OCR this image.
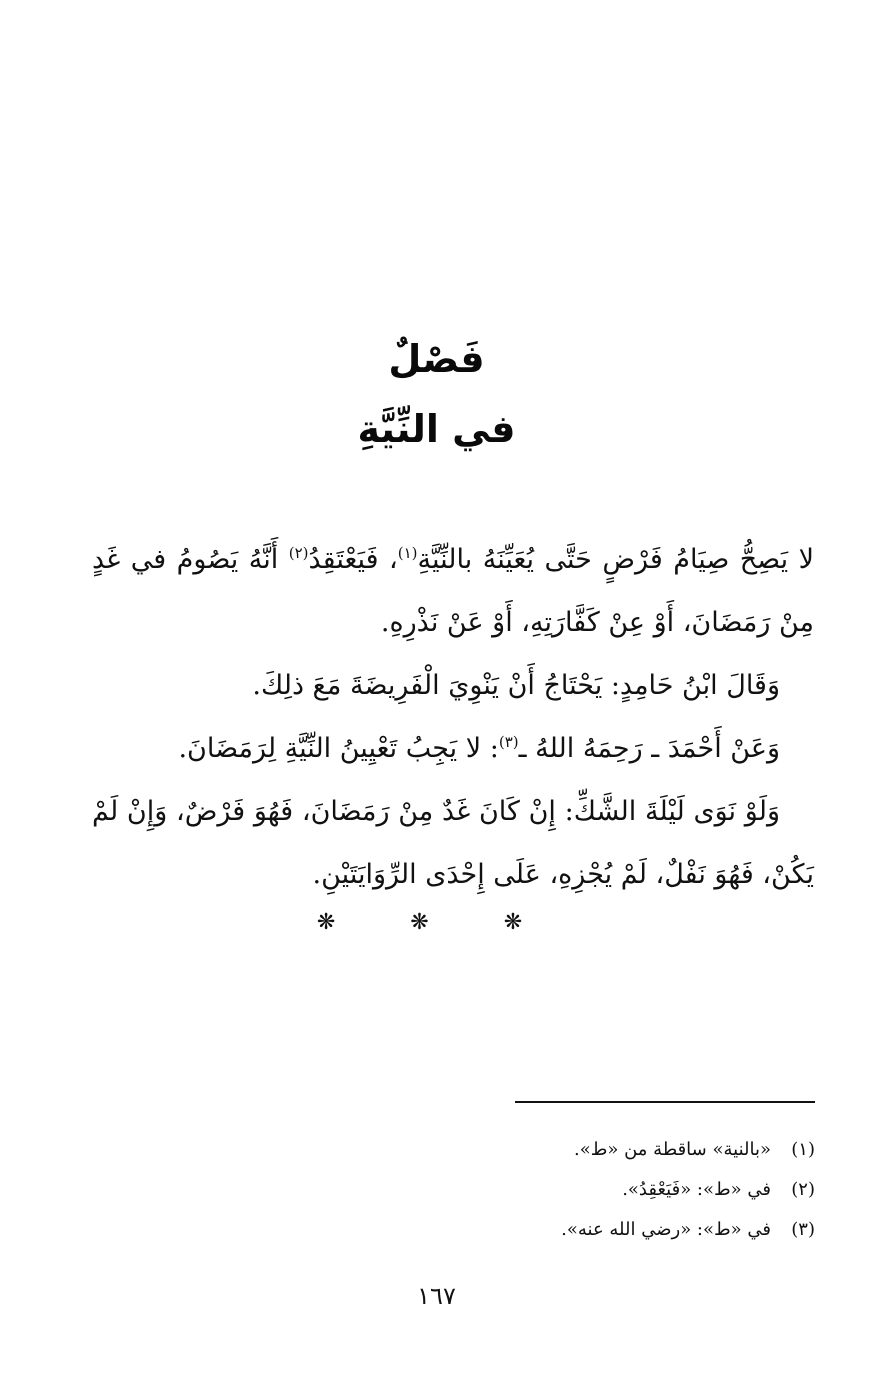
فَصْلٌ
في النِّيَّةِ

لا يَصِحُّ صِيَامُ فَرْضٍ حَتَّى يُعَيِّنَهُ بالنِّيَّةِ$^{(١)}$، فَيَعْتَقِدُ$^{(٢)}$ أَنَّهُ يَصُومُ في غَدٍ مِنْ رَمَضَانَ، أَوْ عِنْ كَفَّارَتِهِ، أَوْ عَنْ نَذْرِهِ.

وَقَالَ ابْنُ حَامِدٍ: يَحْتَاجُ أَنْ يَنْوِيَ الْفَرِيضَةَ مَعَ ذلِكَ.

وَعَنْ أَحْمَدَ ـ رَحِمَهُ اللهُ ـ$^{(٣)}$: لا يَجِبُ تَعْيِينُ النِّيَّةِ لِرَمَضَانَ.

وَلَوْ نَوَى لَيْلَةَ الشَّكِّ: إِنْ كَانَ غَدٌ مِنْ رَمَضَانَ، فَهُوَ فَرْضٌ، وَإِنْ لَمْ يَكُنْ، فَهُوَ نَفْلٌ، لَمْ يُجْزِهِ، عَلَى إِحْدَى الرِّوَايَتَيْنِ.

❋ ❋ ❋
(١)«بالنية» ساقطة من «ط».
(٢)في «ط»: «فَيَعْقِدُ».
(٣)في «ط»: «رضي الله عنه».
١٦٧
